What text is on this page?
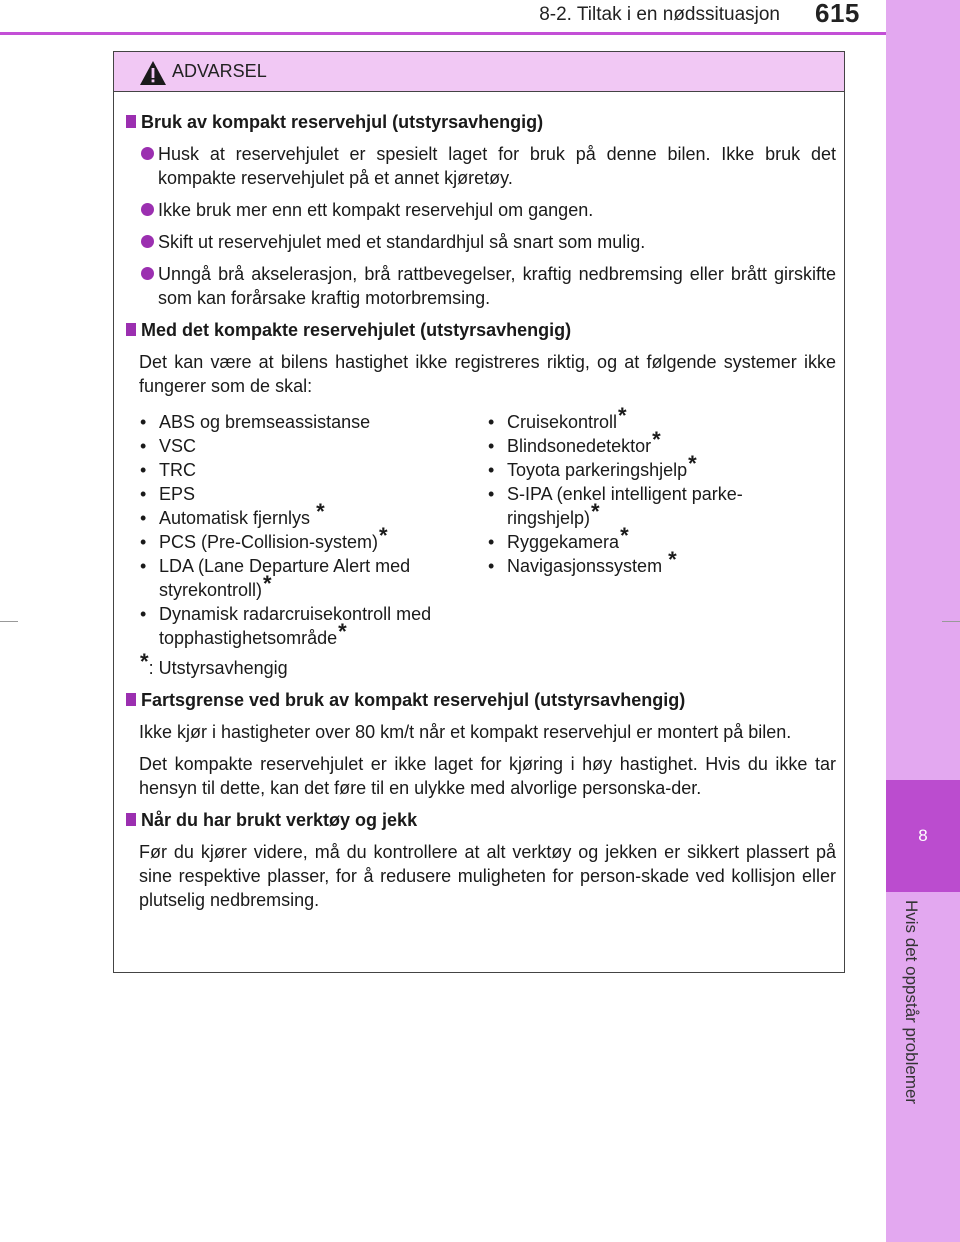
8-2. Tiltak i en nødssituasjon 615
8
Hvis det oppstår problemer
ADVARSEL
Bruk av kompakt reservehjul (utstyrsavhengig)
Husk at reservehjulet er spesielt laget for bruk på denne bilen. Ikke bruk det kompakte reservehjulet på et annet kjøretøy.
Ikke bruk mer enn ett kompakt reservehjul om gangen.
Skift ut reservehjulet med et standardhjul så snart som mulig.
Unngå brå akselerasjon, brå rattbevegelser, kraftig nedbremsing eller brått girskifte som kan forårsake kraftig motorbremsing.
Med det kompakte reservehjulet (utstyrsavhengig)
Det kan være at bilens hastighet ikke registreres riktig, og at følgende systemer ikke fungerer som de skal:
• ABS og bremseassistanse
• VSC
• TRC
• EPS
• Automatisk fjernlys *
• PCS (Pre-Collision-system)*
• LDA (Lane Departure Alert med styrekontroll)*
• Dynamisk radarcruisekontroll med topphastighetsområde*
• Cruisekontroll*
• Blindsonedetektor*
• Toyota parkeringshjelp*
• S-IPA (enkel intelligent parke-ringshjelp)*
• Ryggekamera*
• Navigasjonssystem *
*: Utstyrsavhengig
Fartsgrense ved bruk av kompakt reservehjul (utstyrsavhengig)
Ikke kjør i hastigheter over 80 km/t når et kompakt reservehjul er montert på bilen.
Det kompakte reservehjulet er ikke laget for kjøring i høy hastighet. Hvis du ikke tar hensyn til dette, kan det føre til en ulykke med alvorlige personska-der.
Når du har brukt verktøy og jekk
Før du kjører videre, må du kontrollere at alt verktøy og jekken er sikkert plassert på sine respektive plasser, for å redusere muligheten for person-skade ved kollisjon eller plutselig nedbremsing.
